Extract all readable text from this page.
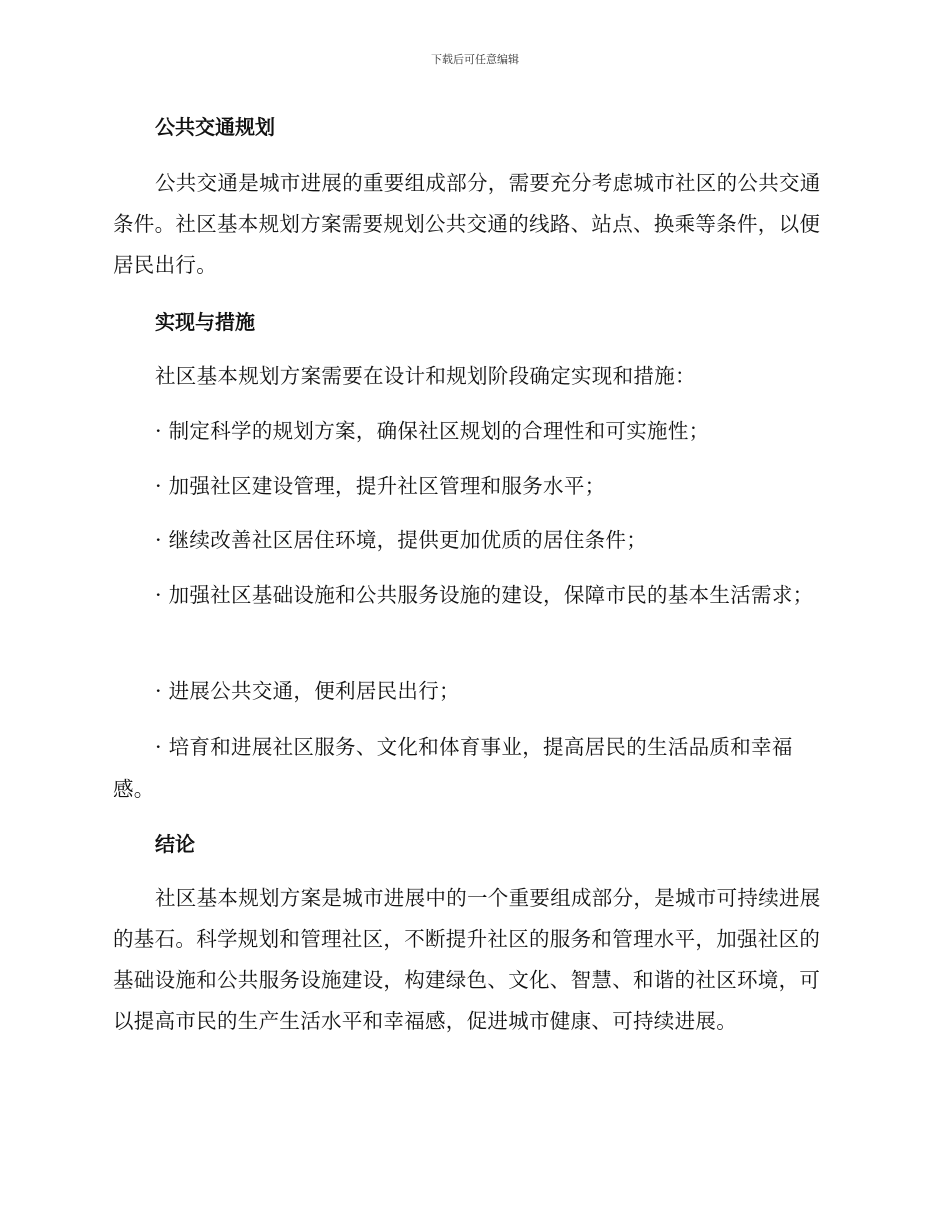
下载后可任意编辑
公共交通规划

公共交通是城市进展的重要组成部分，需要充分考虑城市社区的公共交通条件。社区基本规划方案需要规划公共交通的线路、站点、换乘等条件，以便居民出行。

实现与措施

社区基本规划方案需要在设计和规划阶段确定实现和措施：

· 制定科学的规划方案，确保社区规划的合理性和可实施性；

· 加强社区建设管理，提升社区管理和服务水平；

· 继续改善社区居住环境，提供更加优质的居住条件；

· 加强社区基础设施和公共服务设施的建设，保障市民的基本生活需求；

· 进展公共交通，便利居民出行；

· 培育和进展社区服务、文化和体育事业，提高居民的生活品质和幸福感。

结论

社区基本规划方案是城市进展中的一个重要组成部分，是城市可持续进展的基石。科学规划和管理社区，不断提升社区的服务和管理水平，加强社区的基础设施和公共服务设施建设，构建绿色、文化、智慧、和谐的社区环境，可以提高市民的生产生活水平和幸福感，促进城市健康、可持续进展。
